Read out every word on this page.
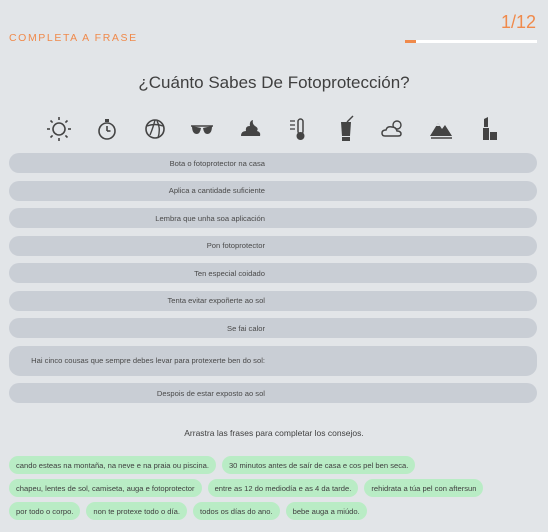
COMPLETA A FRASE
1/12
¿Cuánto Sabes De Fotoprotección?
Bota o fotoprotector na casa
Aplica a cantidade suficiente
Lembra que unha soa aplicación
Pon fotoprotector
Ten especial coidado
Tenta evitar expoñerte ao sol
Se fai calor
Hai cinco cousas que sempre debes levar para protexerte ben do sol:
Despois de estar exposto ao sol
Arrastra las frases para completar los consejos.
cando esteas na montaña, na neve e na praia ou piscina.	30 minutos antes de saír de casa e cos pel ben seca.
chapeu, lentes de sol, camiseta, auga e fotoprotector	entre as 12 do mediodía e as 4 da tarde.	rehidrata a túa pel con aftersun
por todo o corpo.	non te protexe todo o día.	todos os días do ano.	bebe auga a miúdo.
